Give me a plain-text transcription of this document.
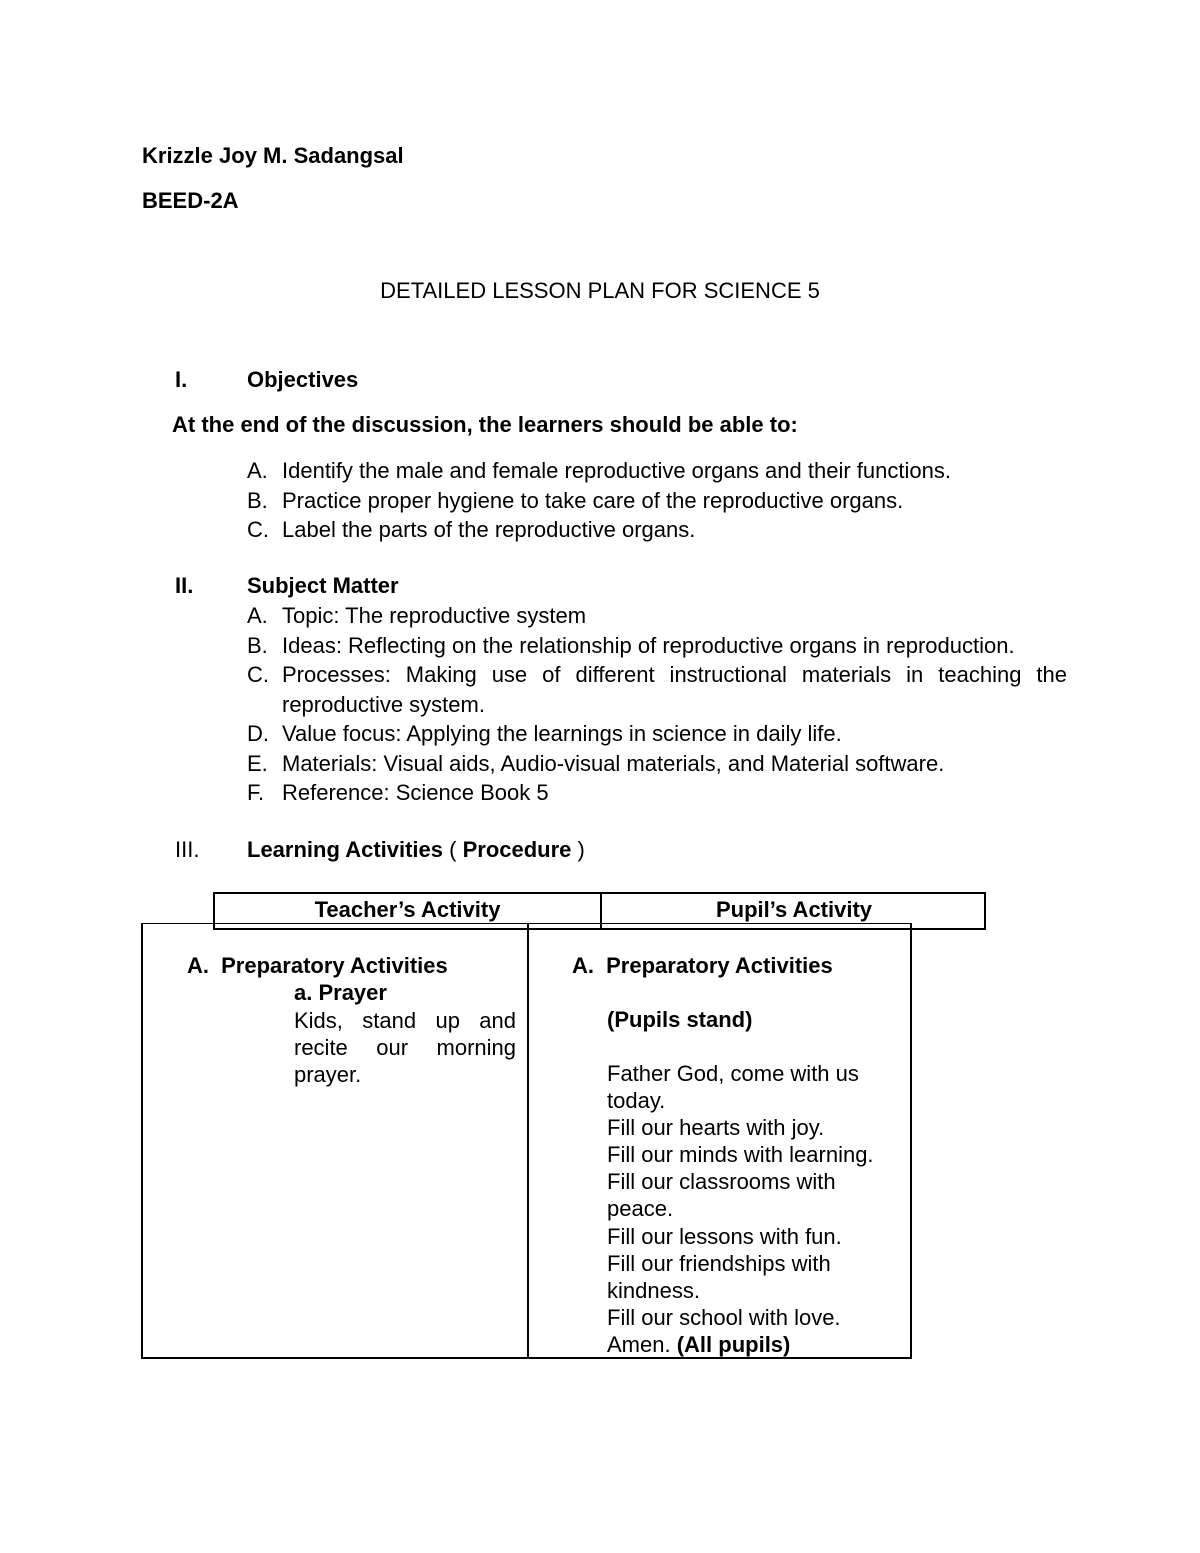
Krizzle Joy M. Sadangsal
BEED-2A
DETAILED LESSON PLAN FOR SCIENCE 5
I.	Objectives
At the end of the discussion, the learners should be able to:
A. Identify the male and female reproductive organs and their functions.
B. Practice proper hygiene to take care of the reproductive organs.
C. Label the parts of the reproductive organs.
II. Subject Matter
A. Topic: The reproductive system
B. Ideas: Reflecting on the relationship of reproductive organs in reproduction.
C. Processes: Making use of different instructional materials in teaching the reproductive system.
D. Value focus: Applying the learnings in science in daily life.
E. Materials: Visual aids, Audio-visual materials, and Material software.
F. Reference: Science Book 5
III. Learning Activities ( Procedure )
Teacher’s Activity	Pupil’s Activity
A. Preparatory Activities
a. Prayer
Kids, stand up and recite our morning prayer.
A. Preparatory Activities
(Pupils stand)
Father God, come with us today.
Fill our hearts with joy.
Fill our minds with learning.
Fill our classrooms with peace.
Fill our lessons with fun.
Fill our friendships with kindness.
Fill our school with love.
Amen. (All pupils)
